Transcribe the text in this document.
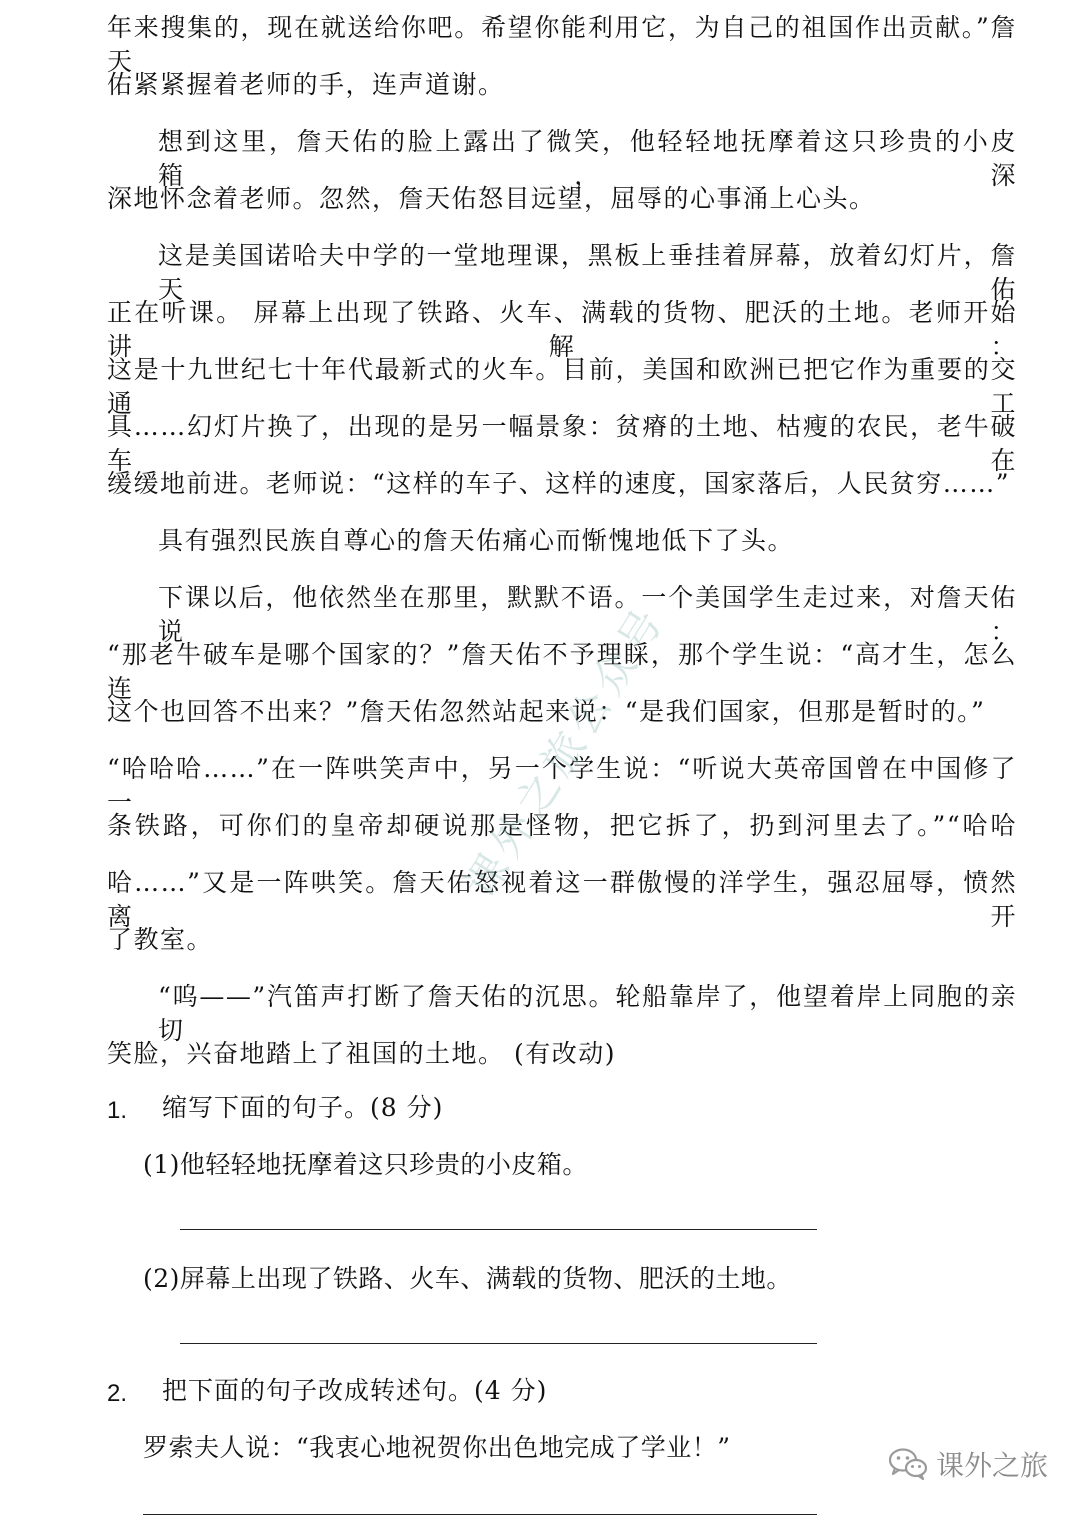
年来搜集的，现在就送给你吧。希望你能利用它，为自己的祖国作出贡献。”詹天
佑紧紧握着老师的手，连声道谢。
想到这里，詹天佑的脸上露出了微笑，他轻轻地抚摩着这只珍贵的小皮箱，深
深地怀念着老师。忽然，詹天佑怒目远望，屈辱的心事涌上心头。
这是美国诺哈夫中学的一堂地理课，黑板上垂挂着屏幕，放着幻灯片，詹天佑
正在听课。 屏幕上出现了铁路、火车、满载的货物、肥沃的土地。老师开始讲解：
这是十九世纪七十年代最新式的火车。目前，美国和欧洲已把它作为重要的交通工
具……幻灯片换了，出现的是另一幅景象：贫瘠的土地、枯瘦的农民，老牛破车在
缓缓地前进。老师说：“这样的车子、这样的速度，国家落后，人民贫穷……”
具有强烈民族自尊心的詹天佑痛心而惭愧地低下了头。
下课以后，他依然坐在那里，默默不语。一个美国学生走过来，对詹天佑说：
“那老牛破车是哪个国家的？”詹天佑不予理睬，那个学生说：“高才生，怎么连
这个也回答不出来？”詹天佑忽然站起来说：“是我们国家，但那是暂时的。”
“哈哈哈……”在一阵哄笑声中，另一个学生说：“听说大英帝国曾在中国修了一
条铁路，可你们的皇帝却硬说那是怪物，把它拆了，扔到河里去了。”“哈哈
哈……”又是一阵哄笑。詹天佑怒视着这一群傲慢的洋学生，强忍屈辱，愤然离开
了教室。
“呜——”汽笛声打断了詹天佑的沉思。轮船靠岸了，他望着岸上同胞的亲切
笑脸，兴奋地踏上了祖国的土地。 (有改动)
1. 缩写下面的句子。(8 分)
(1)他轻轻地抚摩着这只珍贵的小皮箱。
(2)屏幕上出现了铁路、火车、满载的货物、肥沃的土地。
2. 把下面的句子改成转述句。(4 分)
罗索夫人说：“我衷心地祝贺你出色地完成了学业！”
课外之旅公众号
课外之旅
